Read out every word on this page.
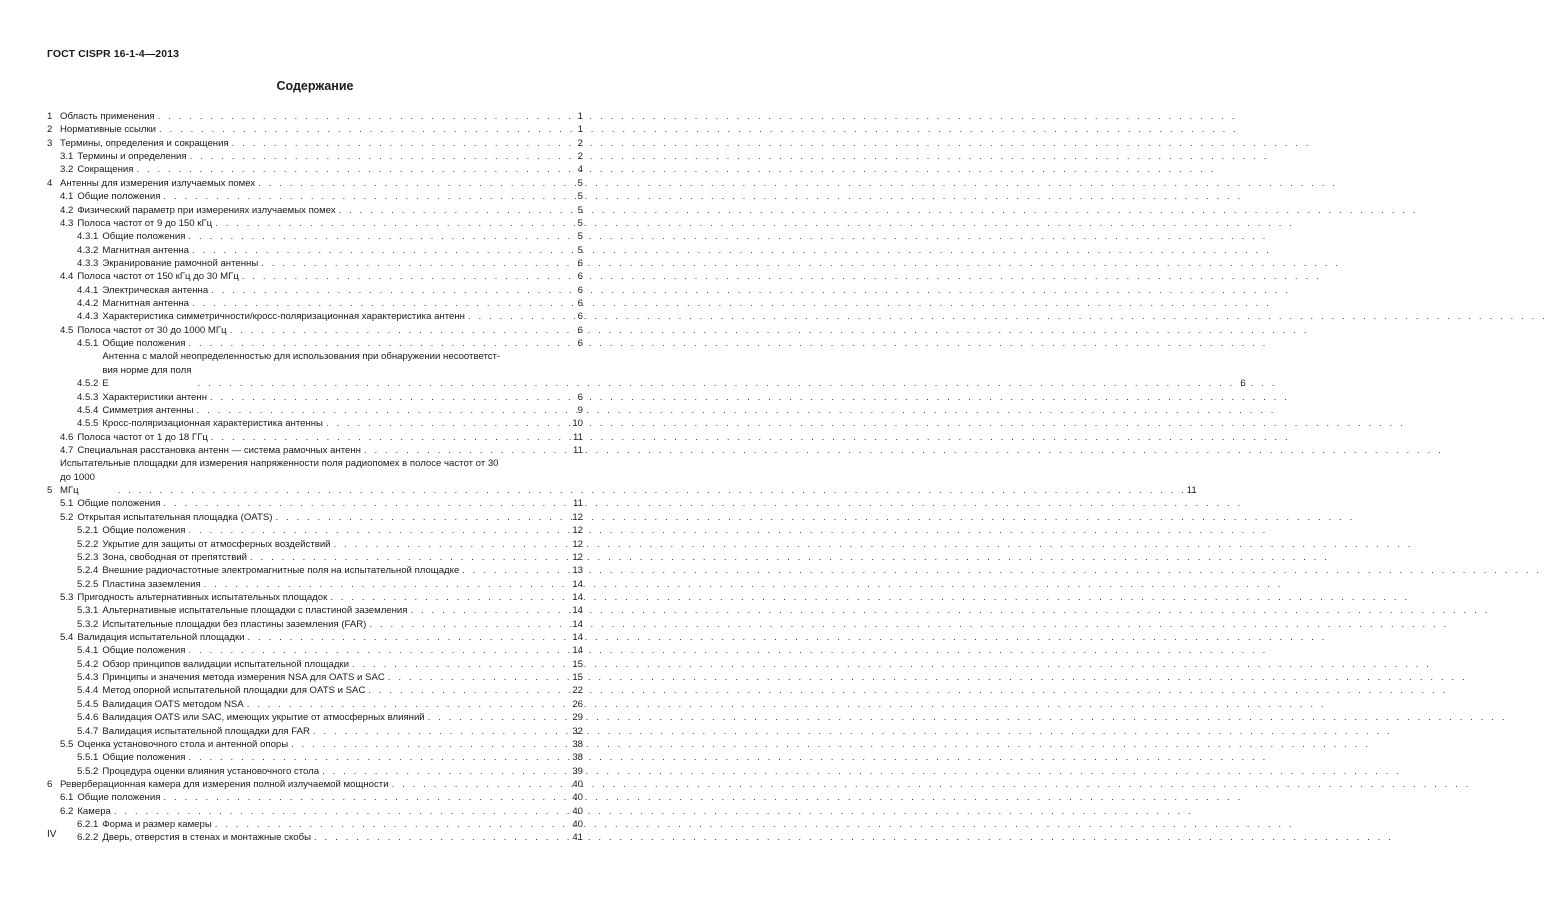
ГОСТ CISPR 16-1-4—2013
Содержание
1 Область применения . . .	1
2 Нормативные ссылки . . .	1
3 Термины, определения и сокращения . . .	2
3.1 Термины и определения . . .	2
3.2 Сокращения . . .	4
4 Антенны для измерения излучаемых помех . . .	5
4.1 Общие положения . . .	5
4.2 Физический параметр при измерениях излучаемых помех . . .	5
4.3 Полоса частот от 9 до 150 кГц . . .	5
4.3.1 Общие положения . . .	5
4.3.2 Магнитная антенна . . .	5
4.3.3 Экранирование рамочной антенны . . .	6
4.4 Полоса частот от 150 кГц до 30 МГц . . .	6
4.4.1 Электрическая антенна . . .	6
4.4.2 Магнитная антенна . . .	6
4.4.3 Характеристика симметричности/кросс-поляризационная характеристика антенн . . .	6
4.5 Полоса частот от 30 до 1000 МГц . . .	6
4.5.1 Общие положения . . .	6
4.5.2
Антенна с малой неопределенностью для использования при обнаружении несоответст-
вия норме для поля Е . . .	6
4.5.3 Характеристики антенн . . .	6
4.5.4 Симметрия антенны . . .	9
4.5.5 Кросс-поляризационная характеристика антенны . . .	10
4.6 Полоса частот от 1 до 18 ГГц . . .	11
4.7 Специальная расстановка антенн — система рамочных антенн . . .	11
5
Испытательные площадки для измерения напряженности поля радиопомех в полосе частот от 30
до 1000 МГц . . .	11
5.1 Общие положения . . .	11
5.2 Открытая испытательная площадка (OATS) . . .	12
5.2.1 Общие положения . . .	12
5.2.2 Укрытие для защиты от атмосферных воздействий . . .	12
5.2.3 Зона, свободная от препятствий . . .	12
5.2.4 Внешние радиочастотные электромагнитные поля на испытательной площадке . . .	13
5.2.5 Пластина заземления . . .	14
5.3 Пригодность альтернативных испытательных площадок . . .	14
5.3.1 Альтернативные испытательные площадки с пластиной заземления . . .	14
5.3.2 Испытательные площадки без пластины заземления (FAR) . . .	14
5.4 Валидация испытательной площадки . . .	14
5.4.1 Общие положения . . .	14
5.4.2 Обзор принципов валидации испытательной площадки . . .	15
5.4.3 Принципы и значения метода измерения NSA для OATS и SAC . . .	15
5.4.4 Метод опорной испытательной площадки для OATS и SAC . . .	22
5.4.5 Валидация OATS методом NSA . . .	26
5.4.6 Валидация OATS или SAC, имеющих укрытие от атмосферных влияний . . .	29
5.4.7 Валидация испытательной площадки для FAR . . .	32
5.5 Оценка установочного стола и антенной опоры . . .	38
5.5.1 Общие положения . . .	38
5.5.2 Процедура оценки влияния установочного стола . . .	39
6 Реверберационная камера для измерения полной излучаемой мощности . . .	40
6.1 Общие положения . . .	40
6.2 Камера . . .	40
6.2.1 Форма и размер камеры . . .	40
6.2.2 Дверь, отверстия в стенах и монтажные скобы . . .	41
IV
